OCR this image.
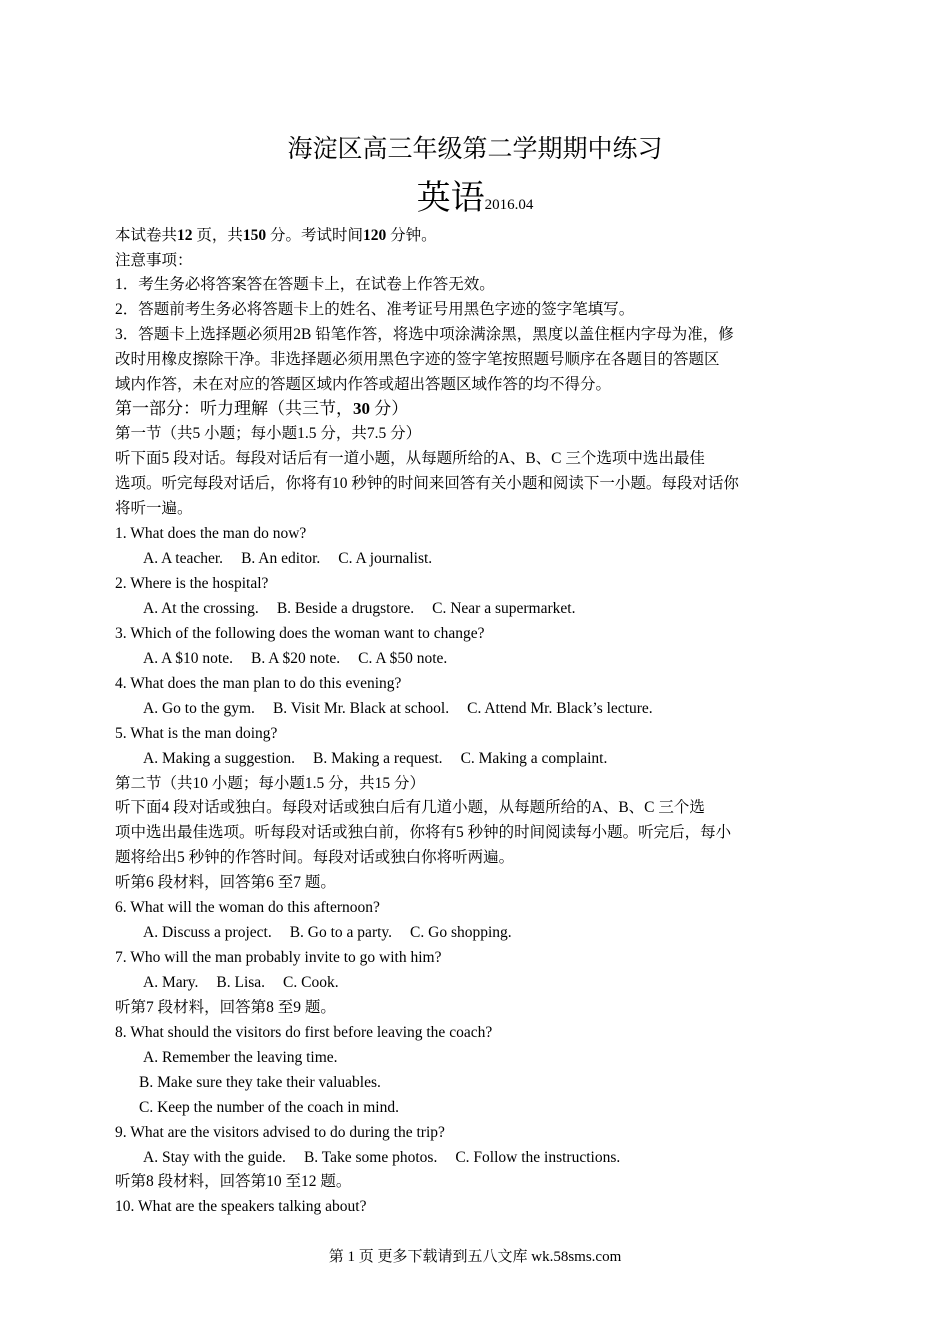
海淀区高三年级第二学期期中练习
英语2016.04
本试卷共12 页，共150 分。考试时间120 分钟。
注意事项：
1．考生务必将答案答在答题卡上，在试卷上作答无效。
2．答题前考生务必将答题卡上的姓名、准考证号用黑色字迹的签字笔填写。
3．答题卡上选择题必须用2B 铅笔作答，将选中项涂满涂黑，黑度以盖住框内字母为准，修
改时用橡皮擦除干净。非选择题必须用黑色字迹的签字笔按照题号顺序在各题目的答题区
域内作答，未在对应的答题区域内作答或超出答题区域作答的均不得分。
第一部分：听力理解（共三节，30 分）
第一节（共5 小题；每小题1.5 分，共7.5 分）
听下面5 段对话。每段对话后有一道小题，从每题所给的A、B、C 三个选项中选出最佳
选项。听完每段对话后，你将有10 秒钟的时间来回答有关小题和阅读下一小题。每段对话你
将听一遍。
1. What does the man do now?
A. A teacher. B. An editor. C. A journalist.
2. Where is the hospital?
A. At the crossing. B. Beside a drugstore. C. Near a supermarket.
3. Which of the following does the woman want to change?
A. A $10 note. B. A $20 note. C. A $50 note.
4. What does the man plan to do this evening?
A. Go to the gym. B. Visit Mr. Black at school. C. Attend Mr. Black’s lecture.
5. What is the man doing?
A. Making a suggestion. B. Making a request. C. Making a complaint.
第二节（共10 小题；每小题1.5 分，共15 分）
听下面4 段对话或独白。每段对话或独白后有几道小题，从每题所给的A、B、C 三个选
项中选出最佳选项。听每段对话或独白前，你将有5 秒钟的时间阅读每小题。听完后，每小
题将给出5 秒钟的作答时间。每段对话或独白你将听两遍。
听第6 段材料，回答第6 至7 题。
6. What will the woman do this afternoon?
A. Discuss a project. B. Go to a party. C. Go shopping.
7. Who will the man probably invite to go with him?
A. Mary. B. Lisa. C. Cook.
听第7 段材料，回答第8 至9 题。
8. What should the visitors do first before leaving the coach?
A. Remember the leaving time.
B. Make sure they take their valuables.
C. Keep the number of the coach in mind.
9. What are the visitors advised to do during the trip?
A. Stay with the guide. B. Take some photos. C. Follow the instructions.
听第8 段材料，回答第10 至12 题。
10. What are the speakers talking about?
第 1 页 更多下载请到五八文库 wk.58sms.com
